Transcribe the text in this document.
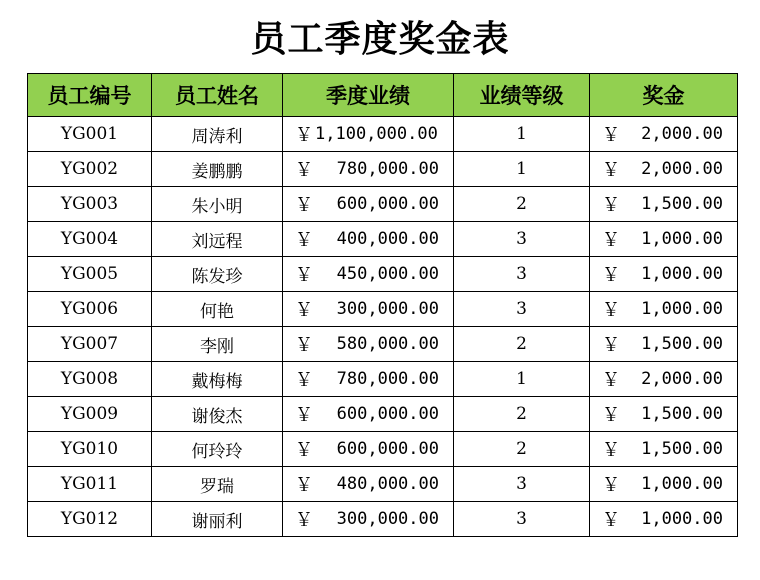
员工季度奖金表
员工编号	员工姓名	季度业绩	业绩等级	奖金
YG001	周涛利	￥ 1,100,000.00	1	￥ 2,000.00

YG002	姜鹏鹏	￥ 780,000.00	1	￥ 2,000.00

YG003	朱小明	￥ 600,000.00	2	￥ 1,500.00

YG004	刘远程	￥ 400,000.00	3	￥ 1,000.00

YG005	陈发珍	￥ 450,000.00	3	￥ 1,000.00

YG006	何艳	￥ 300,000.00	3	￥ 1,000.00

YG007	李刚	￥ 580,000.00	2	￥ 1,500.00

YG008	戴梅梅	￥ 780,000.00	1	￥ 2,000.00

YG009	谢俊杰	￥ 600,000.00	2	￥ 1,500.00

YG010	何玲玲	￥ 600,000.00	2	￥ 1,500.00

YG011	罗瑞	￥ 480,000.00	3	￥ 1,000.00

YG012	谢丽利	￥ 300,000.00	3	￥ 1,000.00
